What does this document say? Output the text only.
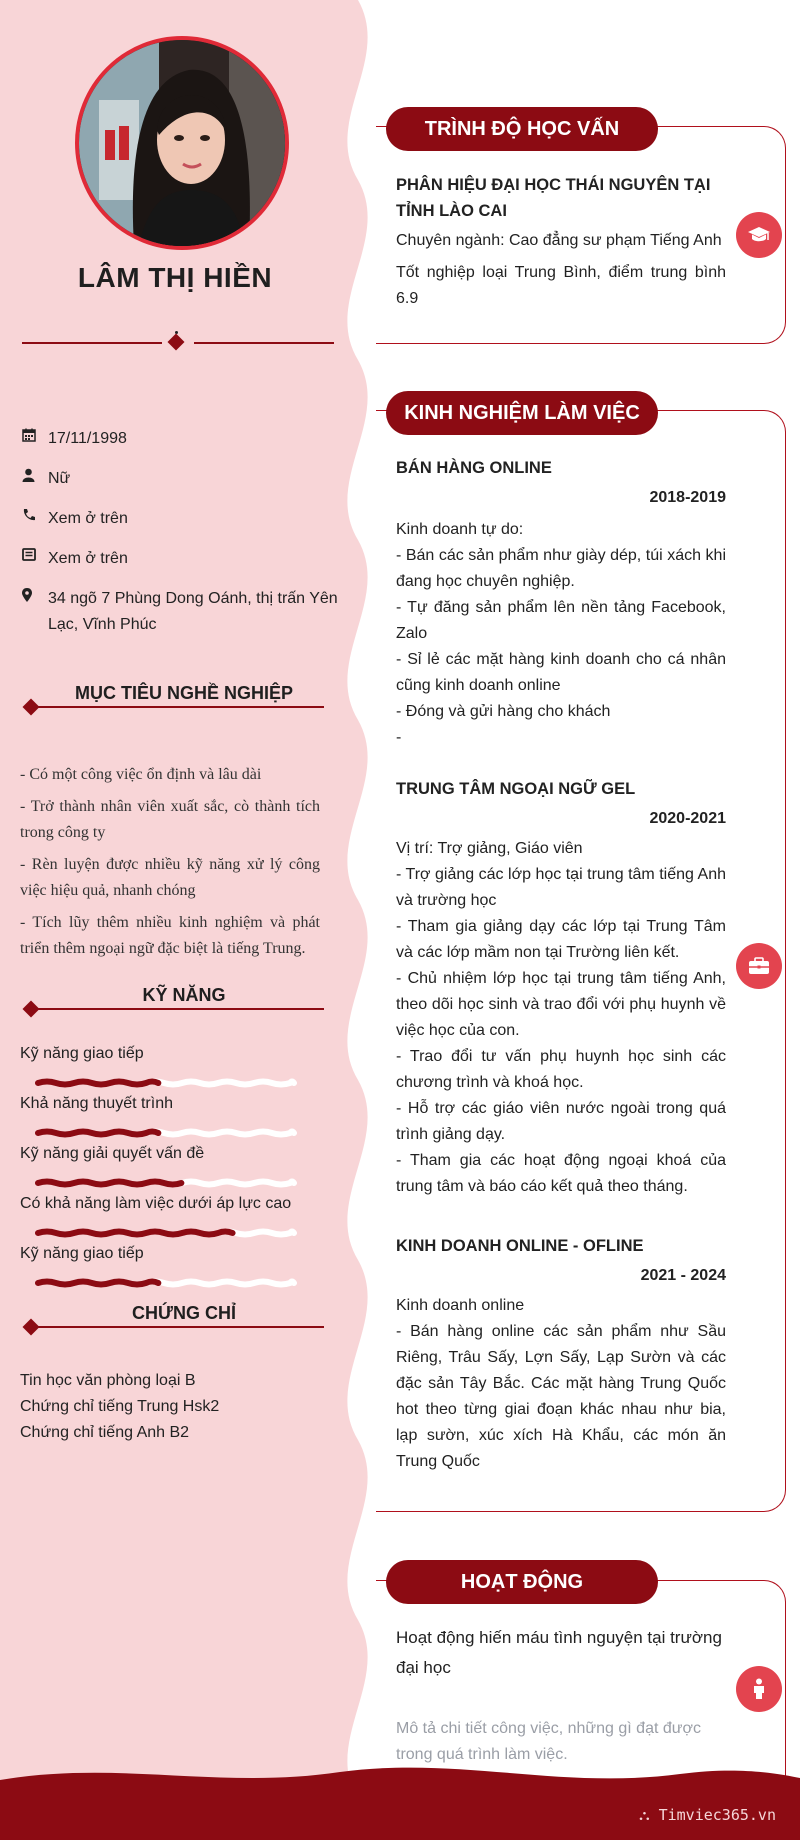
LÂM THỊ HIỀN
17/11/1998
Nữ
Xem ở trên
Xem ở trên
34 ngõ 7 Phùng Dong Oánh, thị trấn Yên Lạc, Vĩnh Phúc
MỤC TIÊU NGHỀ NGHIỆP

- Có một công việc ổn định và lâu dài

- Trở thành nhân viên xuất sắc, cò thành tích trong công ty

- Rèn luyện được nhiều kỹ năng xử lý công việc hiệu quả, nhanh chóng

- Tích lũy thêm nhiều kinh nghiệm và phát triển thêm ngoại ngữ đặc biệt là tiếng Trung.

KỸ NĂNG
Kỹ năng giao tiếp
Khả năng thuyết trình
Kỹ năng giải quyết vấn đề
Có khả năng làm việc dưới áp lực cao
Kỹ năng giao tiếp
CHỨNG CHỈ
Tin học văn phòng loại B
Chứng chỉ tiếng Trung Hsk2
Chứng chỉ tiếng Anh B2
TRÌNH ĐỘ HỌC VẤN

PHÂN HIỆU ĐẠI HỌC THÁI NGUYÊN TẠI TỈNH LÀO CAI

Chuyên ngành: Cao đẳng sư phạm Tiếng Anh

Tốt nghiệp loại Trung Bình, điểm trung bình 6.9

KINH NGHIỆM LÀM VIỆC

BÁN HÀNG ONLINE

2018-2019

Kinh doanh tự do:

- Bán các sản phẩm như giày dép, túi xách khi đang học chuyên nghiệp.

- Tự đăng sản phẩm lên nền tảng Facebook, Zalo

- Sỉ lẻ các mặt hàng kinh doanh cho cá nhân cũng kinh doanh online

- Đóng và gửi hàng cho khách

-

TRUNG TÂM NGOẠI NGỮ GEL

2020-2021

Vị trí: Trợ giảng, Giáo viên

- Trợ giảng các lớp học tại trung tâm tiếng Anh và trường học

- Tham gia giảng dạy các lớp tại Trung Tâm và các lớp mầm non tại Trường liên kết.

- Chủ nhiệm lớp học tại trung tâm tiếng Anh, theo dõi học sinh và trao đổi với phụ huynh về việc học của con.

- Trao đổi tư vấn phụ huynh học sinh các chương trình và khoá học.

- Hỗ trợ các giáo viên nước ngoài trong quá trình giảng dạy.

- Tham gia các hoạt động ngoại khoá của trung tâm và báo cáo kết quả theo tháng.

KINH DOANH ONLINE - OFLINE

2021 - 2024

Kinh doanh online

- Bán hàng online các sản phẩm như Sầu Riêng, Trâu Sấy, Lợn Sấy, Lạp Sườn và các đặc sản Tây Bắc. Các mặt hàng Trung Quốc hot theo từng giai đoạn khác nhau như bia, lạp sườn, xúc xích Hà Khẩu, các món ăn Trung Quốc

HOẠT ĐỘNG
Hoạt động hiến máu tình nguyện tại trường đại học
Mô tả chi tiết công việc, những gì đạt được trong quá trình làm việc.
⛬ Timviec365.vn
